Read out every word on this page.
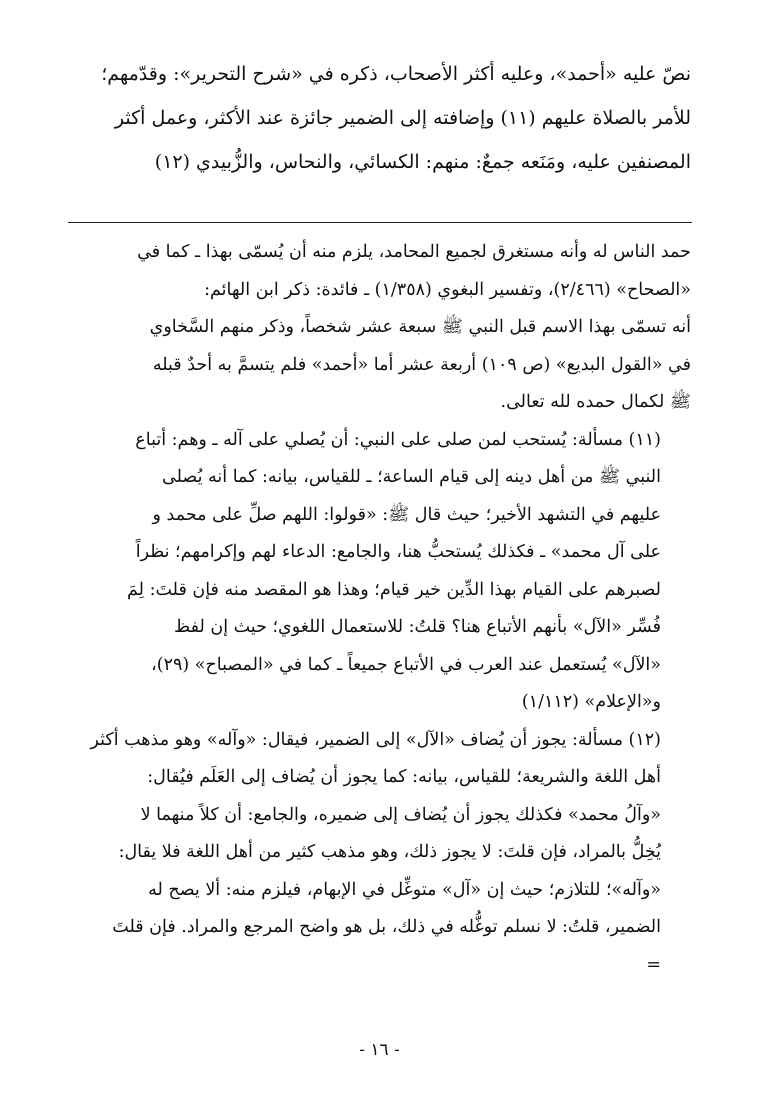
نصّ عليه «أحمد»، وعليه أكثر الأصحاب، ذكره في «شرح التحرير»: وقدّمهم؛

للأمر بالصلاة عليهم (١١) وإضافته إلى الضمير جائزة عند الأكثر، وعمل أكثر

المصنفين عليه، ومَنَعه جمعٌ: منهم: الكسائي، والنحاس، والزُّبيدي (١٢)

حمد الناس له وأنه مستغرق لجميع المحامد، يلزم منه أن يُسمّى بهذا ـ كما في

«الصحاح» (٢/٤٦٦)، وتفسير البغوي (١/٣٥٨) ـ فائدة: ذكر ابن الهائم:

أنه تسمّى بهذا الاسم قبل النبي ﷺ سبعة عشر شخصاً، وذكر منهم السَّخاوي

في «القول البديع» (ص ١٠٩) أربعة عشر أما «أحمد» فلم يتسمَّ به أحدٌ قبله

ﷺ لكمال حمده لله تعالى.

(١١) مسألة: يُستحب لمن صلى على النبي: أن يُصلي على آله ـ وهم: أتباع

النبي ﷺ من أهل دينه إلى قيام الساعة؛ ـ للقياس، بيانه: كما أنه يُصلى

عليهم في التشهد الأخير؛ حيث قال ﷺ: «قولوا: اللهم صلِّ على محمد و

على آل محمد» ـ فكذلك يُستحبُّ هنا، والجامع: الدعاء لهم وإكرامهم؛ نظراً

لصبرهم على القيام بهذا الدِّين خير قيام؛ وهذا هو المقصد منه فإن قلتَ: لِمَ

فُسِّر «الآل» بأنهم الأتباع هنا؟ قلتُ: للاستعمال اللغوي؛ حيث إن لفظ

«الآل» يُستعمل عند العرب في الأتباع جميعاً ـ كما في «المصباح» (٢٩)،

و«الإعلام» (١/١١٢)

(١٢) مسألة: يجوز أن يُضاف «الآل» إلى الضمير، فيقال: «وآله» وهو مذهب أكثر

أهل اللغة والشريعة؛ للقياس، بيانه: كما يجوز أن يُضاف إلى العَلَم فيُقال:

«وآلُ محمد» فكذلك يجوز أن يُضاف إلى ضميره، والجامع: أن كلاً منهما لا

يُخِلُّ بالمراد، فإن قلتَ: لا يجوز ذلك، وهو مذهب كثير من أهل اللغة فلا يقال:

«وآله»؛ للتلازم؛ حيث إن «آل» متوغِّل في الإبهام، فيلزم منه: ألا يصح له

الضمير، قلتُ: لا نسلم توغُّله في ذلك، بل هو واضح المرجع والمراد. فإن قلتَ

=

- ١٦ -
